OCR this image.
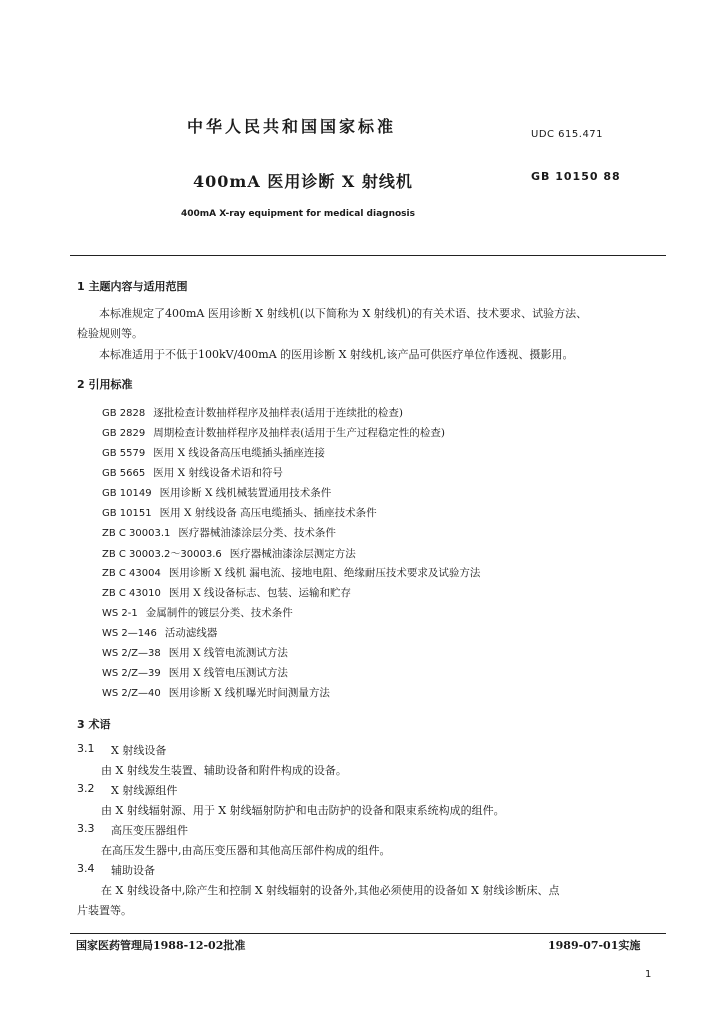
中华人民共和国国家标准	UDC 615.471
400mA 医用诊断 X 射线机	GB 10150 88
400mA X-ray equipment for medical diagnosis
1 主题内容与适用范围
本标准规定了400mA 医用诊断 X 射线机(以下简称为 X 射线机)的有关术语、技术要求、试验方法、
检验规则等。
本标准适用于不低于100kV/400mA 的医用诊断 X 射线机,该产品可供医疗单位作透视、摄影用。
2 引用标准
GB 2828 逐批检查计数抽样程序及抽样表(适用于连续批的检查)
GB 2829 周期检查计数抽样程序及抽样表(适用于生产过程稳定性的检查)
GB 5579 医用 X 线设备高压电缆插头插座连接
GB 5665 医用 X 射线设备术语和符号
GB 10149 医用诊断 X 线机械装置通用技术条件
GB 10151 医用 X 射线设备 高压电缆插头、插座技术条件
ZB C 30003.1 医疗器械油漆涂层分类、技术条件
ZB C 30003.2～30003.6 医疗器械油漆涂层测定方法
ZB C 43004 医用诊断 X 线机 漏电流、接地电阻、绝缘耐压技术要求及试验方法
ZB C 43010 医用 X 线设备标志、包装、运输和贮存
WS 2-1 金属制件的镀层分类、技术条件
WS 2—146 活动滤线器
WS 2/Z—38 医用 X 线管电流测试方法
WS 2/Z—39 医用 X 线管电压测试方法
WS 2/Z—40 医用诊断 X 线机曝光时间测量方法
3 术语
3.1 X 射线设备
由 X 射线发生装置、辅助设备和附件构成的设备。
3.2 X 射线源组件
由 X 射线辐射源、用于 X 射线辐射防护和电击防护的设备和限束系统构成的组件。
3.3 高压变压器组件
在高压发生器中,由高压变压器和其他高压部件构成的组件。
3.4 辅助设备
在 X 射线设备中,除产生和控制 X 射线辐射的设备外,其他必须使用的设备如 X 射线诊断床、点
片装置等。
国家医药管理局1988-12-02批准	1989-07-01实施
1
